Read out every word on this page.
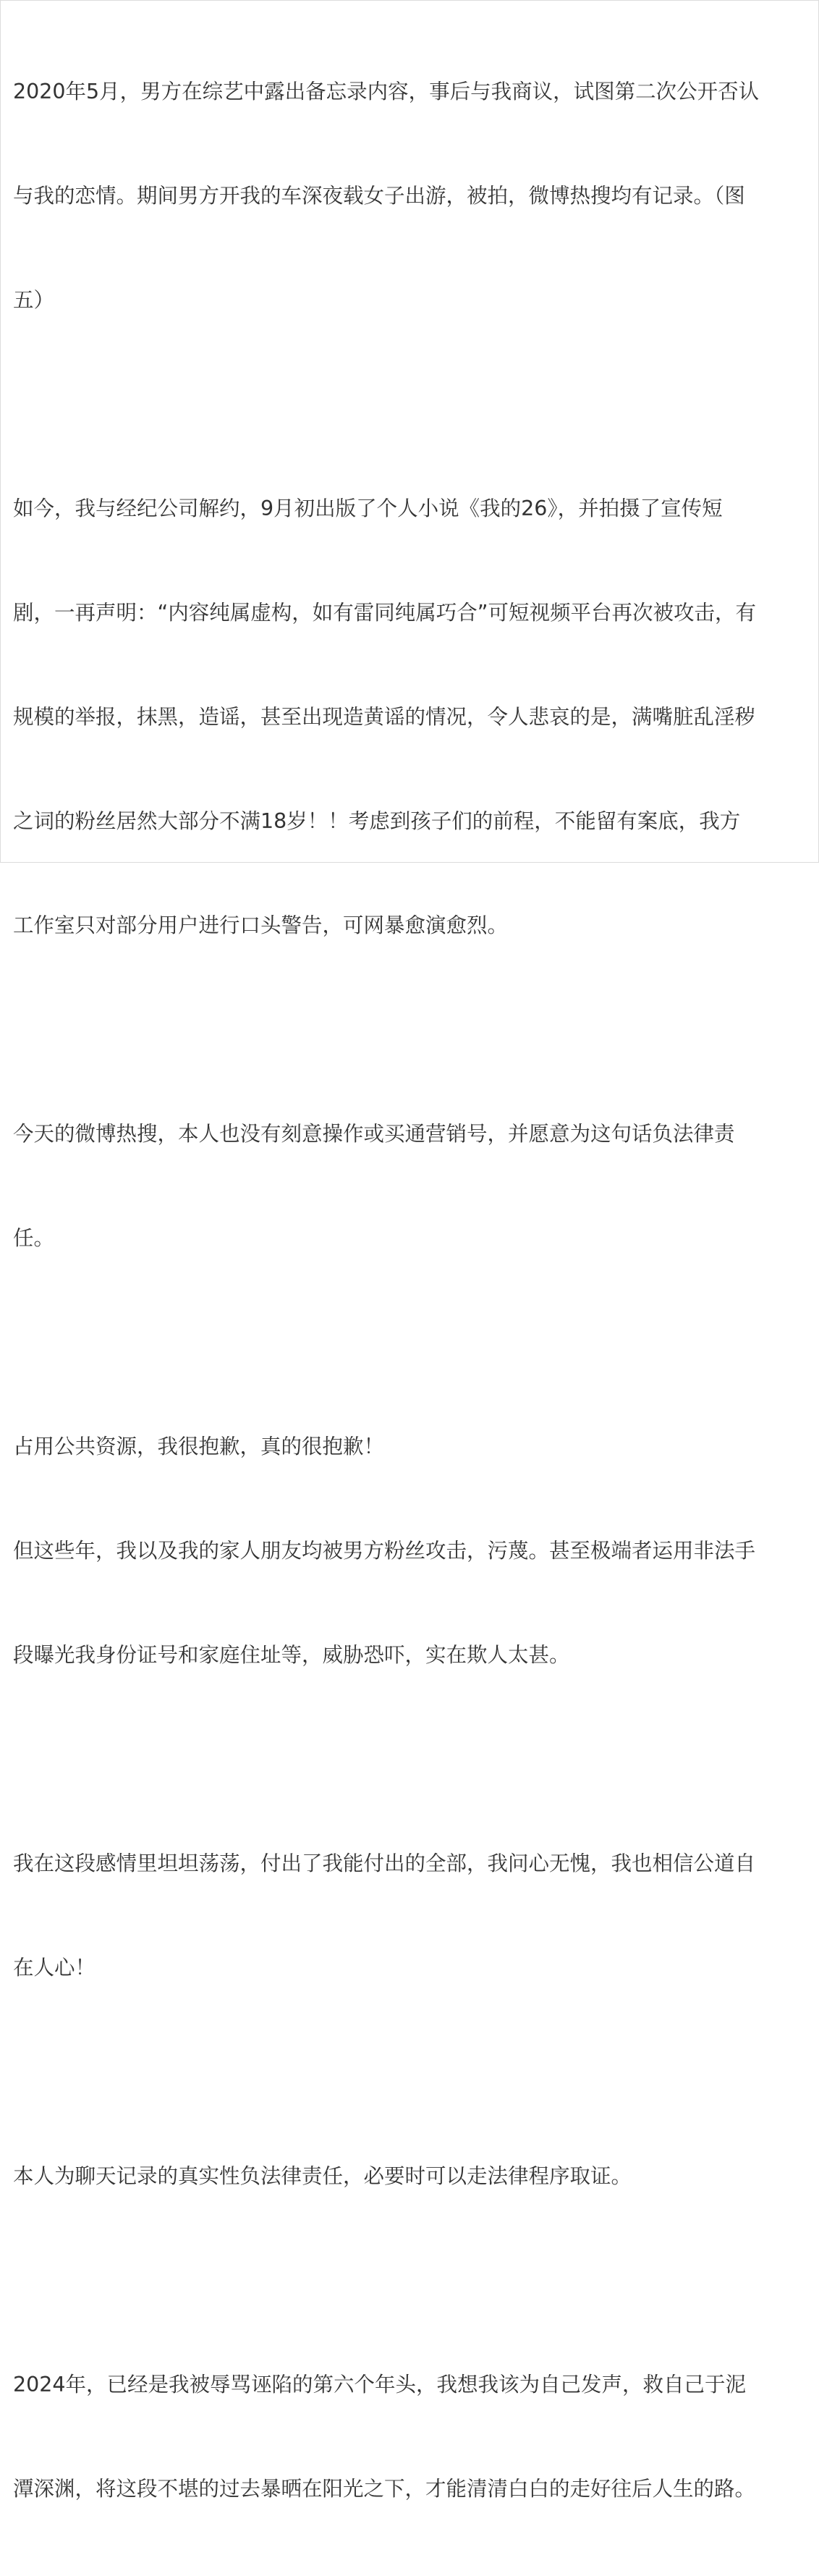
2020年5月，男方在综艺中露出备忘录内容，事后与我商议，试图第二次公开否认

与我的恋情。期间男方开我的车深夜载女子出游，被拍，微博热搜均有记录。（图

五）

如今，我与经纪公司解约，9月初出版了个人小说《我的26》，并拍摄了宣传短

剧，一再声明：“内容纯属虚构，如有雷同纯属巧合”可短视频平台再次被攻击，有

规模的举报，抹黑，造谣，甚至出现造黄谣的情况，令人悲哀的是，满嘴脏乱淫秽

之词的粉丝居然大部分不满18岁！！考虑到孩子们的前程，不能留有案底，我方

工作室只对部分用户进行口头警告，可网暴愈演愈烈。

今天的微博热搜，本人也没有刻意操作或买通营销号，并愿意为这句话负法律责

任。

占用公共资源，我很抱歉，真的很抱歉！

但这些年，我以及我的家人朋友均被男方粉丝攻击，污蔑。甚至极端者运用非法手

段曝光我身份证号和家庭住址等，威胁恐吓，实在欺人太甚。

我在这段感情里坦坦荡荡，付出了我能付出的全部，我问心无愧，我也相信公道自

在人心！

本人为聊天记录的真实性负法律责任，必要时可以走法律程序取证。

2024年，已经是我被辱骂诬陷的第六个年头，我想我该为自己发声，救自己于泥

潭深渊，将这段不堪的过去暴晒在阳光之下，才能清清白白的走好往后人生的路。
